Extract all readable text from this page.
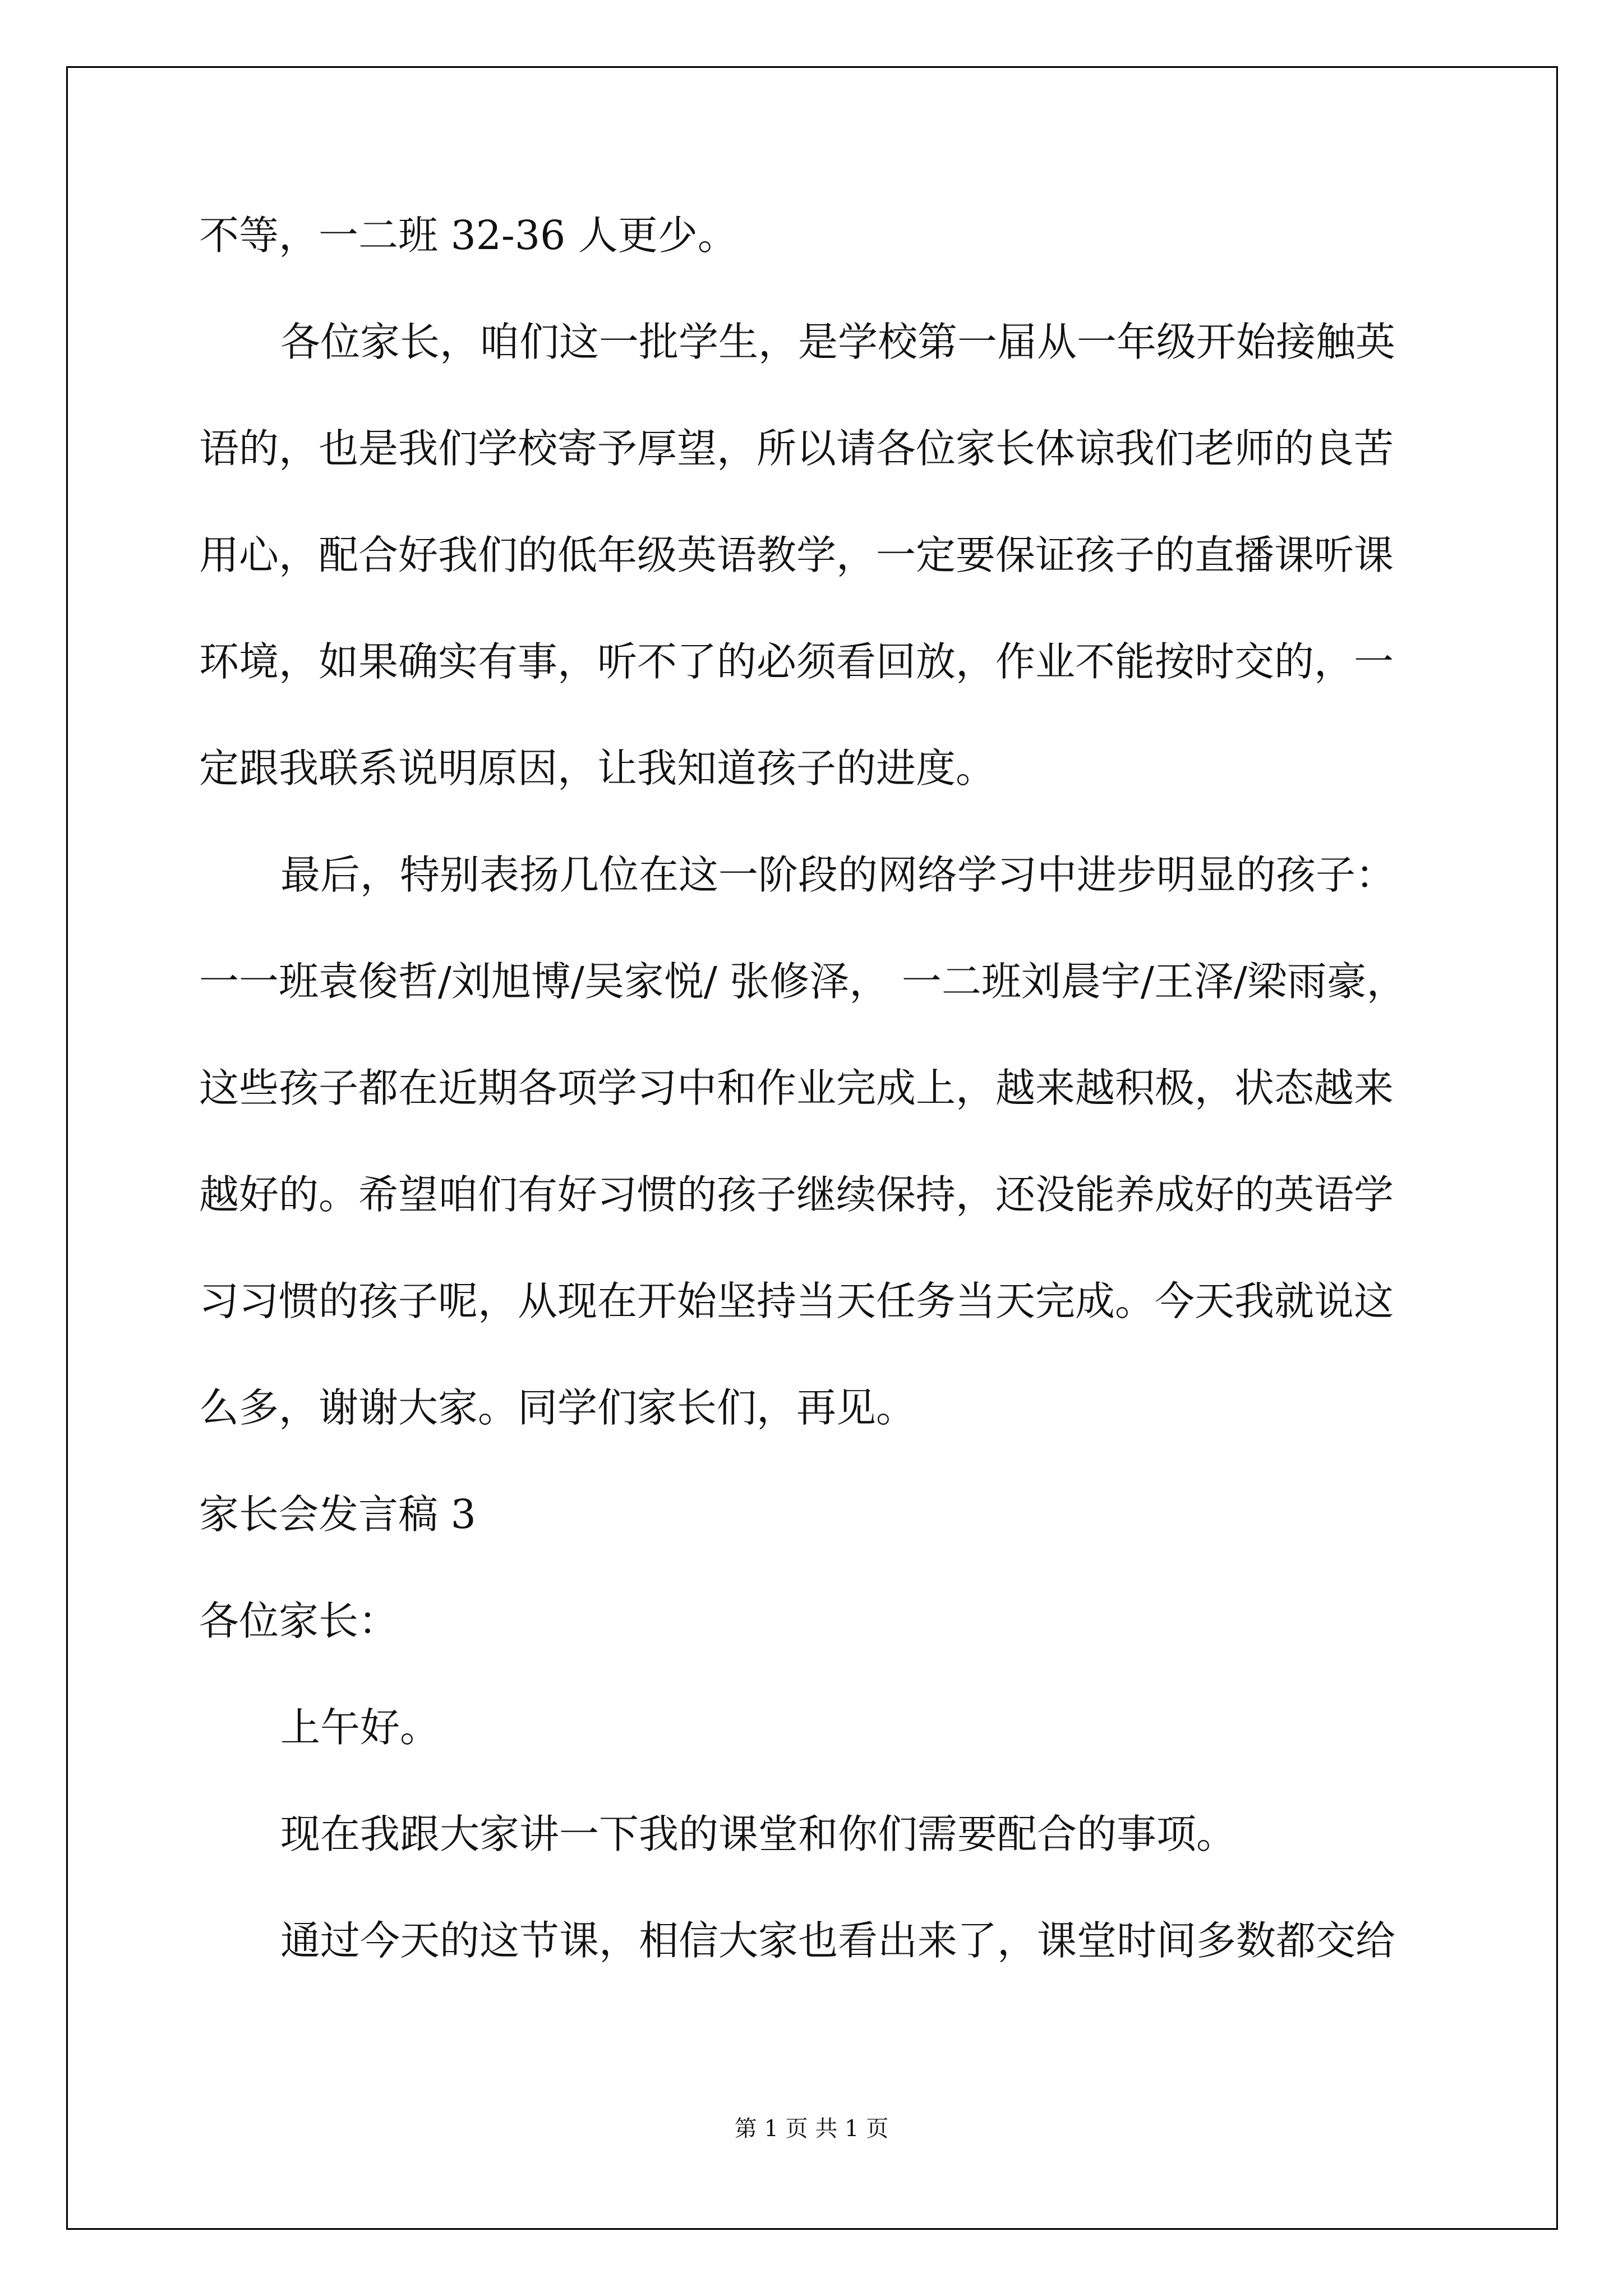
不等，一二班 32-36 人更少。
各位家长，咱们这一批学生，是学校第一届从一年级开始接触英
语的，也是我们学校寄予厚望，所以请各位家长体谅我们老师的良苦
用心，配合好我们的低年级英语教学，一定要保证孩子的直播课听课
环境，如果确实有事，听不了的必须看回放，作业不能按时交的，一
定跟我联系说明原因，让我知道孩子的进度。
最后，特别表扬几位在这一阶段的网络学习中进步明显的孩子：
一一班袁俊哲/刘旭博/吴家悦/ 张修泽， 一二班刘晨宇/王泽/梁雨豪，
这些孩子都在近期各项学习中和作业完成上，越来越积极，状态越来
越好的。希望咱们有好习惯的孩子继续保持，还没能养成好的英语学
习习惯的孩子呢，从现在开始坚持当天任务当天完成。今天我就说这
么多，谢谢大家。同学们家长们，再见。
家长会发言稿 3
各位家长：
上午好。
现在我跟大家讲一下我的课堂和你们需要配合的事项。
通过今天的这节课，相信大家也看出来了，课堂时间多数都交给
第 1 页 共 1 页
